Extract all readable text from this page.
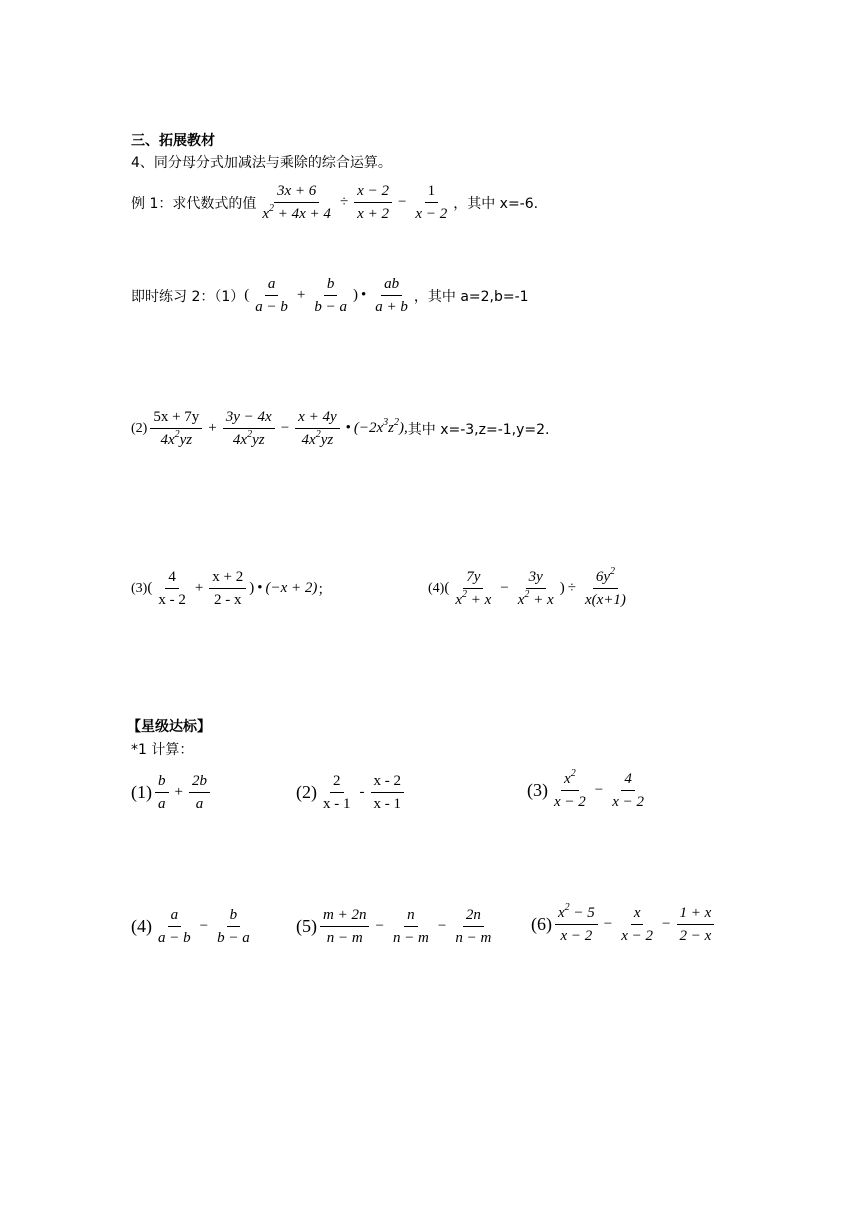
三、拓展教材
4、同分母分式加减法与乘除的综合运算。
例 1：求代数式的值 $\frac{3x + 6}{x^2 + 4x + 4} \div \frac{x - 2}{x + 2} - \frac{1}{x - 2}$ ，其中 x=-6.
即时练习 2：（1） ( $\frac{a}{a - b} + \frac{b}{b - a}$ ) • $\frac{ab}{a + b}$ ，其中 a=2,b=-1
$(2) \frac{5x + 7y}{4x^2yz} + \frac{3y - 4x}{4x^2yz} - \frac{x + 4y}{4x^2yz}$ • $(-2x^3z^2)$, 其中 x=-3,z=-1,y=2.
(3) ( $\frac{4}{x - 2} + \frac{x + 2}{2 - x}$ ) • (−x + 2) ；	(4) ( $\frac{7y}{x^2 + x} - \frac{3y}{x^2 + x}$ ) ÷ $\frac{6y^2}{x(x+1)}$
【星级达标】
*1 计算：
$(1) \frac{b}{a} + \frac{2b}{a}$	$(2) \frac{2}{x - 1} - \frac{x - 2}{x - 1}$	$(3) \frac{x^2}{x - 2} - \frac{4}{x - 2}$
$(4) \frac{a}{a - b} - \frac{b}{b - a} (5) \frac{m + 2n}{n - m} - \frac{n}{n - m} - \frac{2n}{n - m} (6) \frac{x^2 - 5}{x - 2} - \frac{x}{x - 2} - \frac{1 + x}{2 - x}$
